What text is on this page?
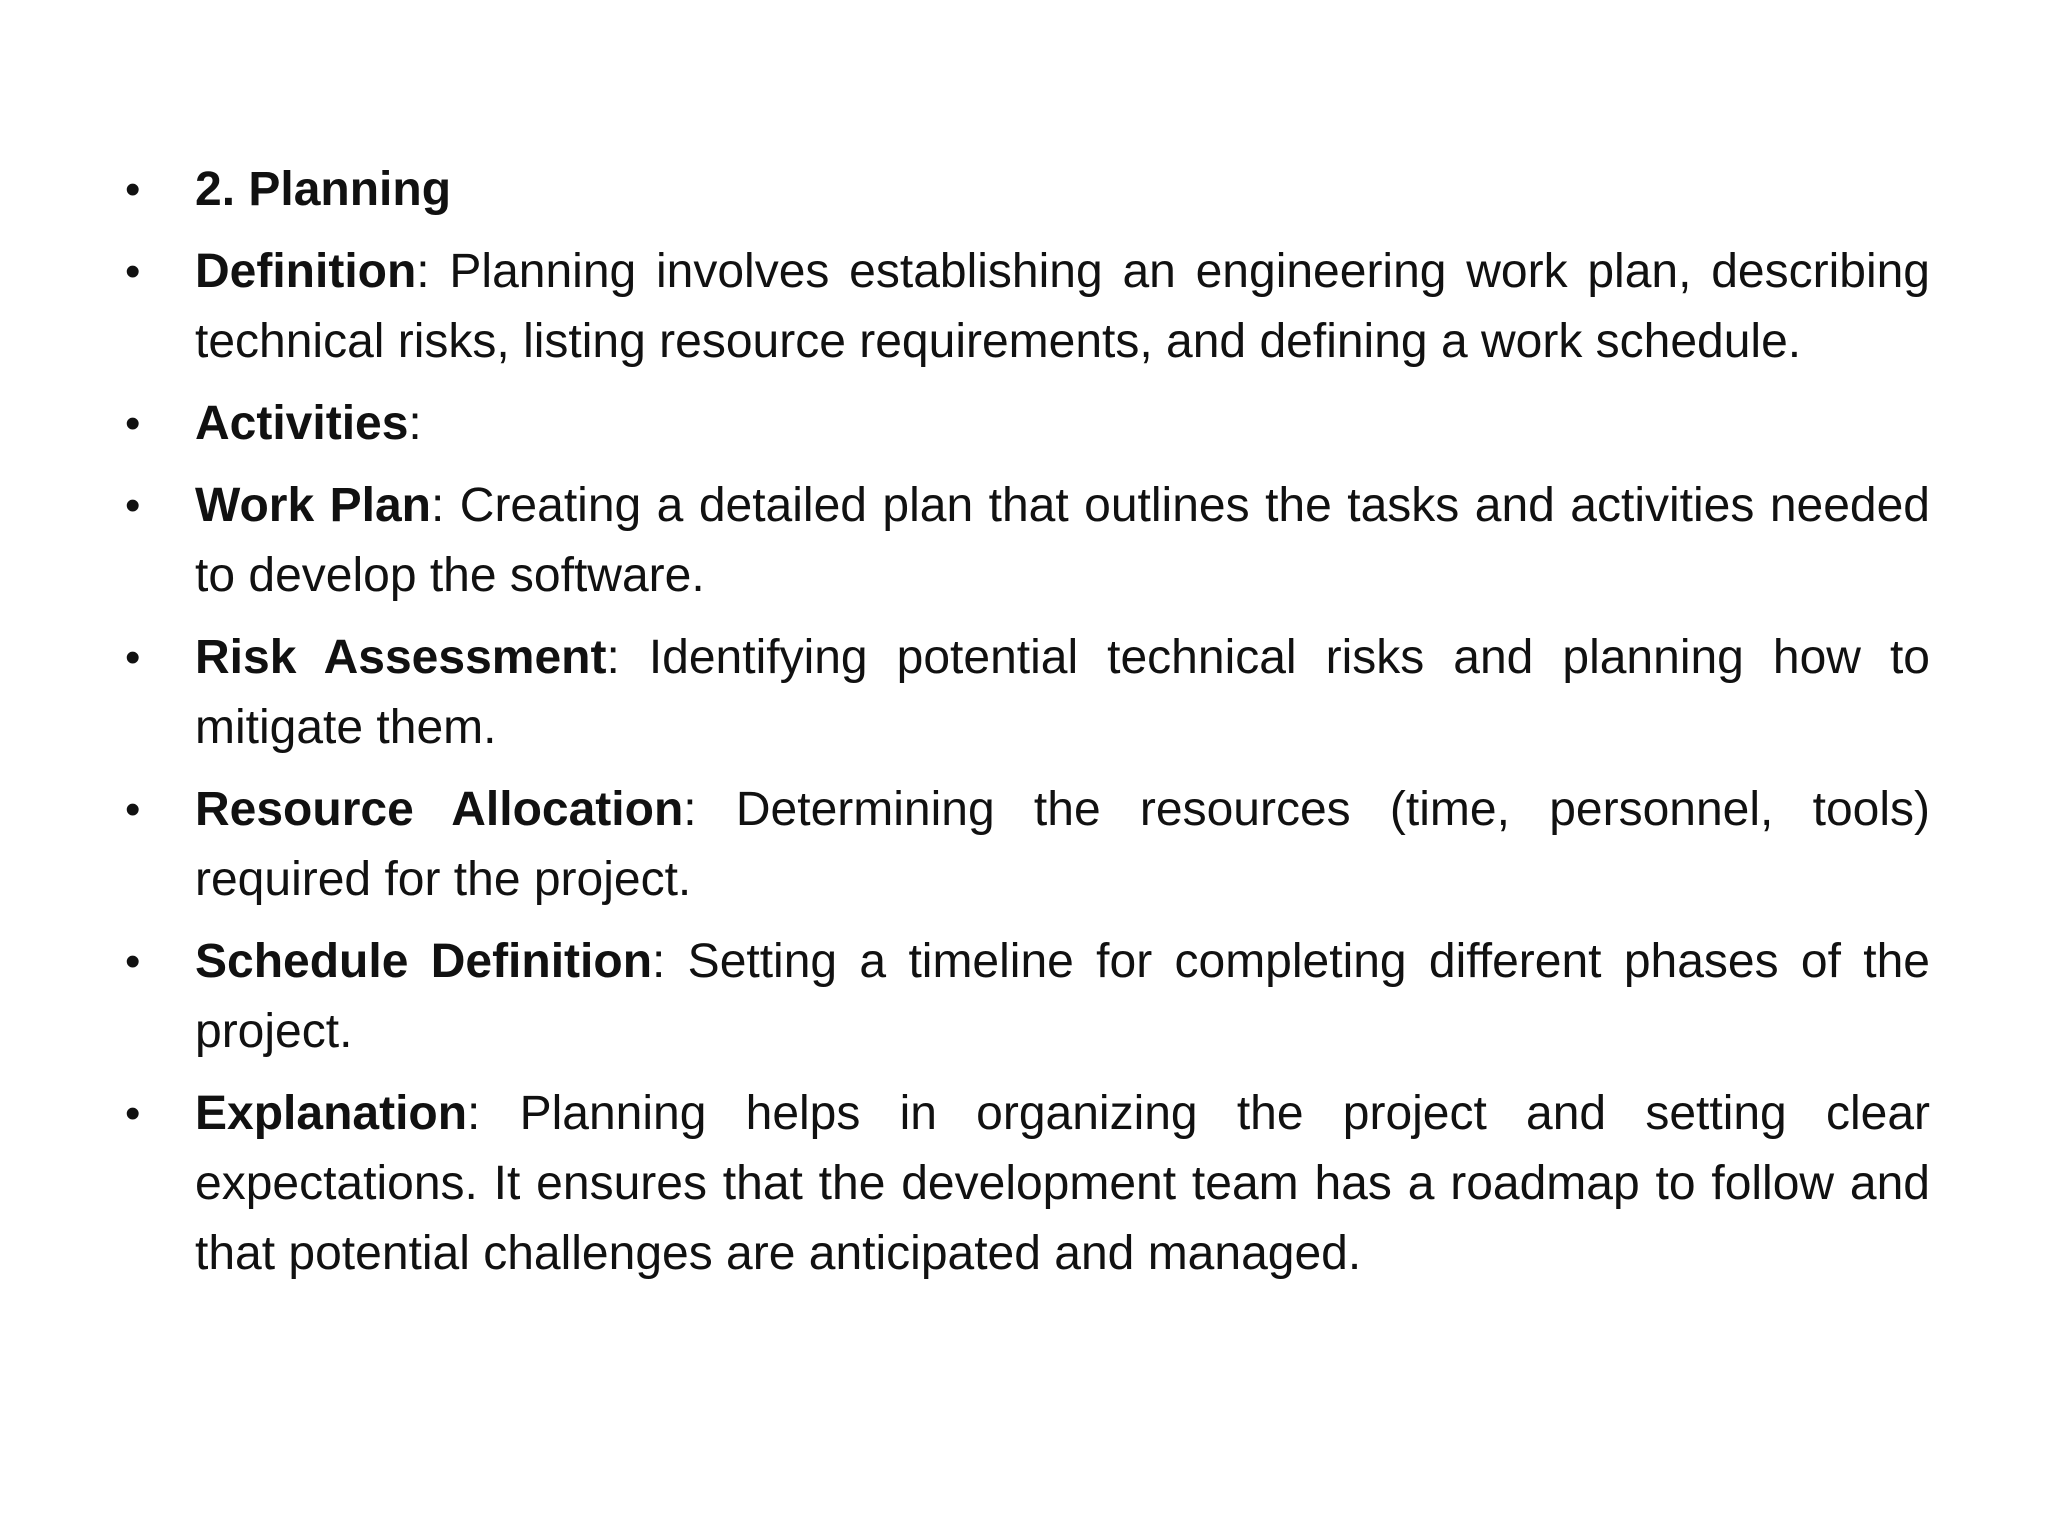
•	2. Planning
•	Definition: Planning involves establishing an engineering work plan, describing technical risks, listing resource requirements, and defining a work schedule.
•	Activities:
•	Work Plan: Creating a detailed plan that outlines the tasks and activities needed to develop the software.
•	Risk Assessment: Identifying potential technical risks and planning how to mitigate them.
•	Resource Allocation: Determining the resources (time, personnel, tools) required for the project.
•	Schedule Definition: Setting a timeline for completing different phases of the project.
•	Explanation: Planning helps in organizing the project and setting clear expectations. It ensures that the development team has a roadmap to follow and that potential challenges are anticipated and managed.
